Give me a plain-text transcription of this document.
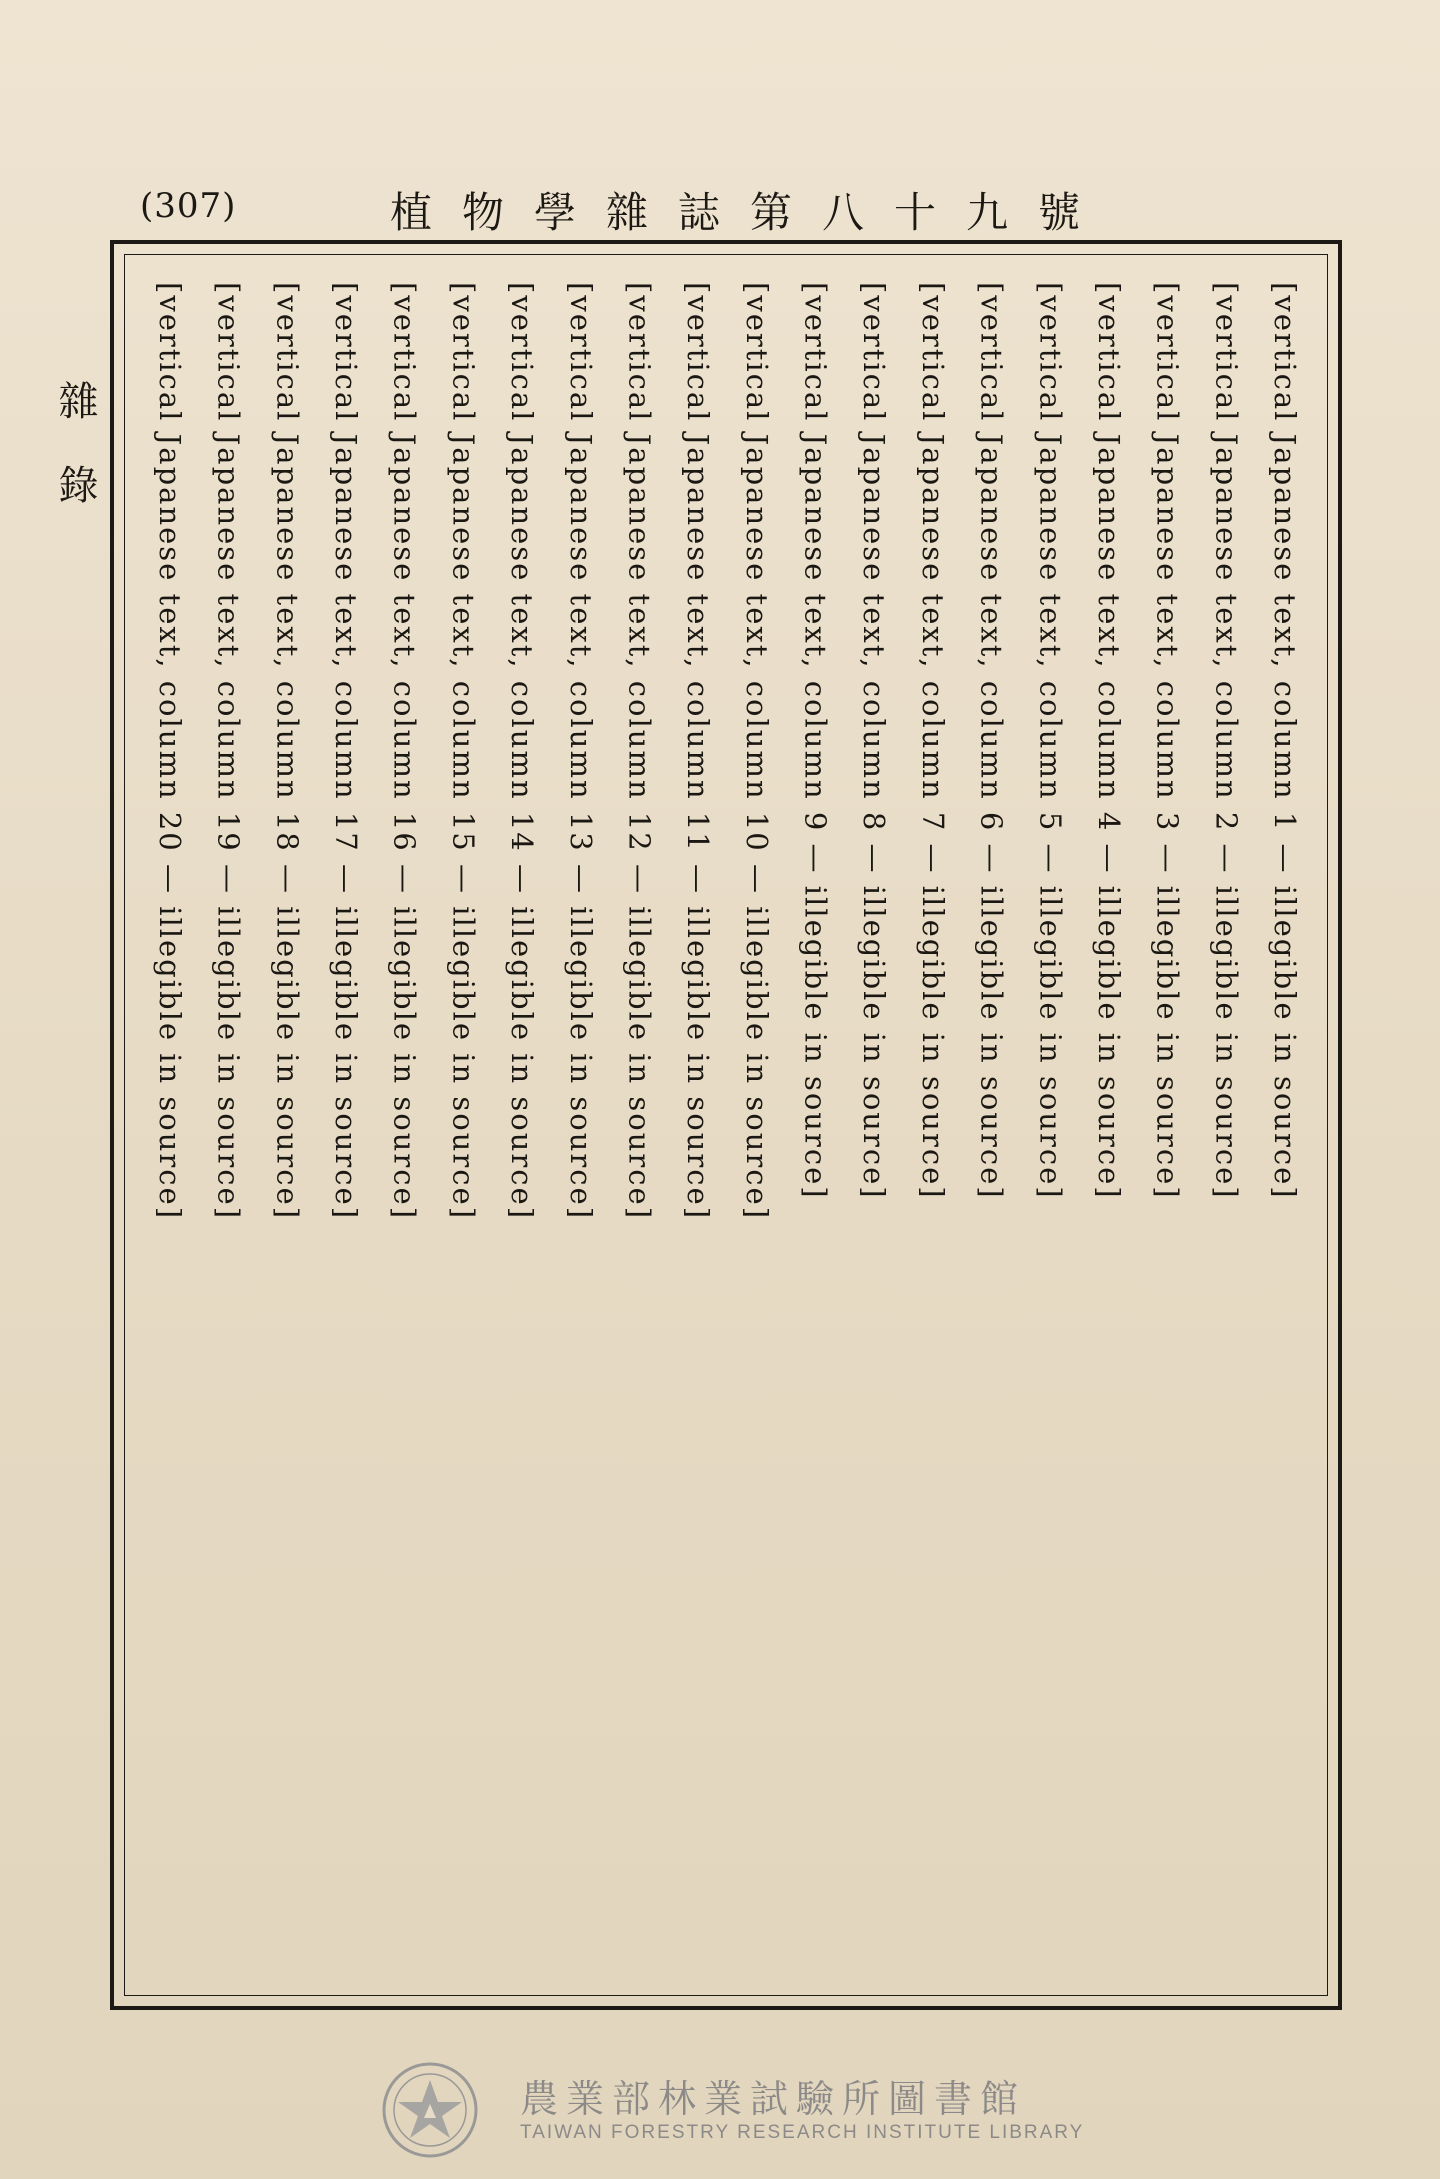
(307)	植物學雜誌第八十九號
雜錄	[vertical Japanese text, column 1 — illegible in source]
[vertical Japanese text, column 2 — illegible in source]
[vertical Japanese text, column 3 — illegible in source]
[vertical Japanese text, column 4 — illegible in source]
[vertical Japanese text, column 5 — illegible in source]
[vertical Japanese text, column 6 — illegible in source]
[vertical Japanese text, column 7 — illegible in source]
[vertical Japanese text, column 8 — illegible in source]
[vertical Japanese text, column 9 — illegible in source]
[vertical Japanese text, column 10 — illegible in source]
[vertical Japanese text, column 11 — illegible in source]
[vertical Japanese text, column 12 — illegible in source]
[vertical Japanese text, column 13 — illegible in source]
[vertical Japanese text, column 14 — illegible in source]
[vertical Japanese text, column 15 — illegible in source]
[vertical Japanese text, column 16 — illegible in source]
[vertical Japanese text, column 17 — illegible in source]
[vertical Japanese text, column 18 — illegible in source]
[vertical Japanese text, column 19 — illegible in source]
[vertical Japanese text, column 20 — illegible in source]
農業部林業試驗所圖書館
TAIWAN FORESTRY RESEARCH INSTITUTE LIBRARY
